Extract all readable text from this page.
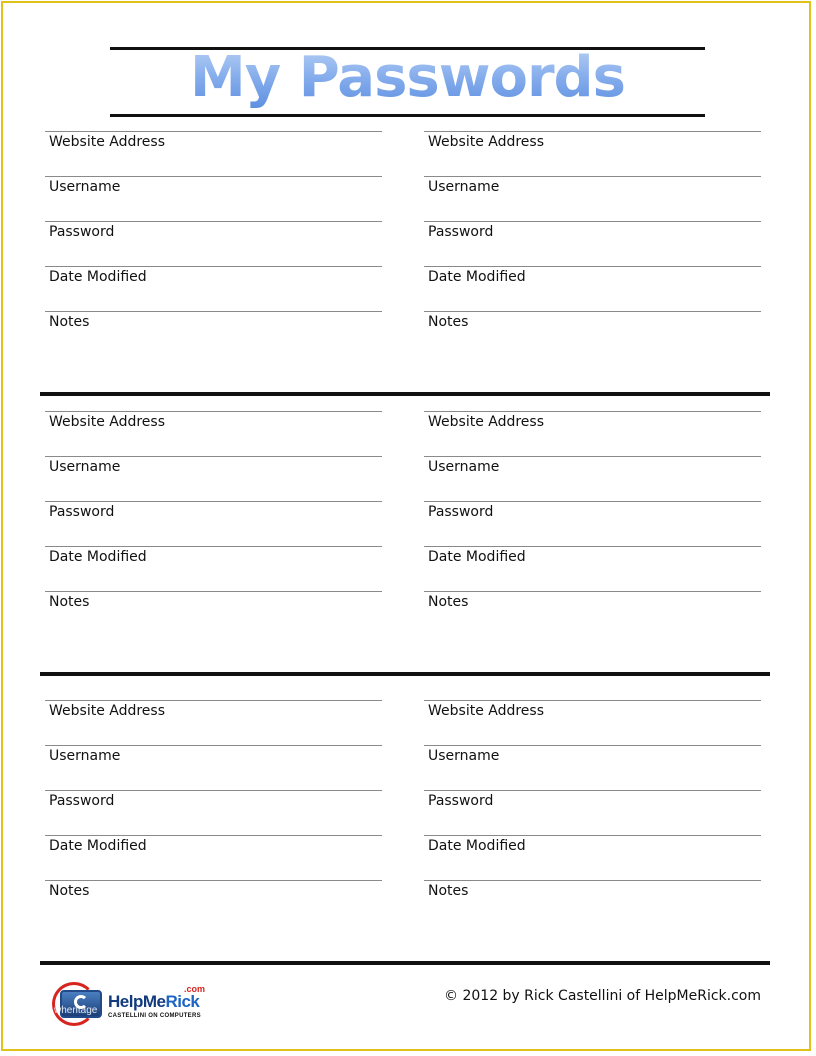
My Passwords
Website Address
Username
Password
Date Modified
Notes
Website Address
Username
Password
Date Modified
Notes
Website Address
Username
Password
Date Modified
Notes
Website Address
Username
Password
Date Modified
Notes
Website Address
Username
Password
Date Modified
Notes
Website Address
Username
Password
Date Modified
Notes
wheritage HelpMeRick
.com
CASTELLINI ON COMPUTERS
© 2012 by Rick Castellini of HelpMeRick.com
